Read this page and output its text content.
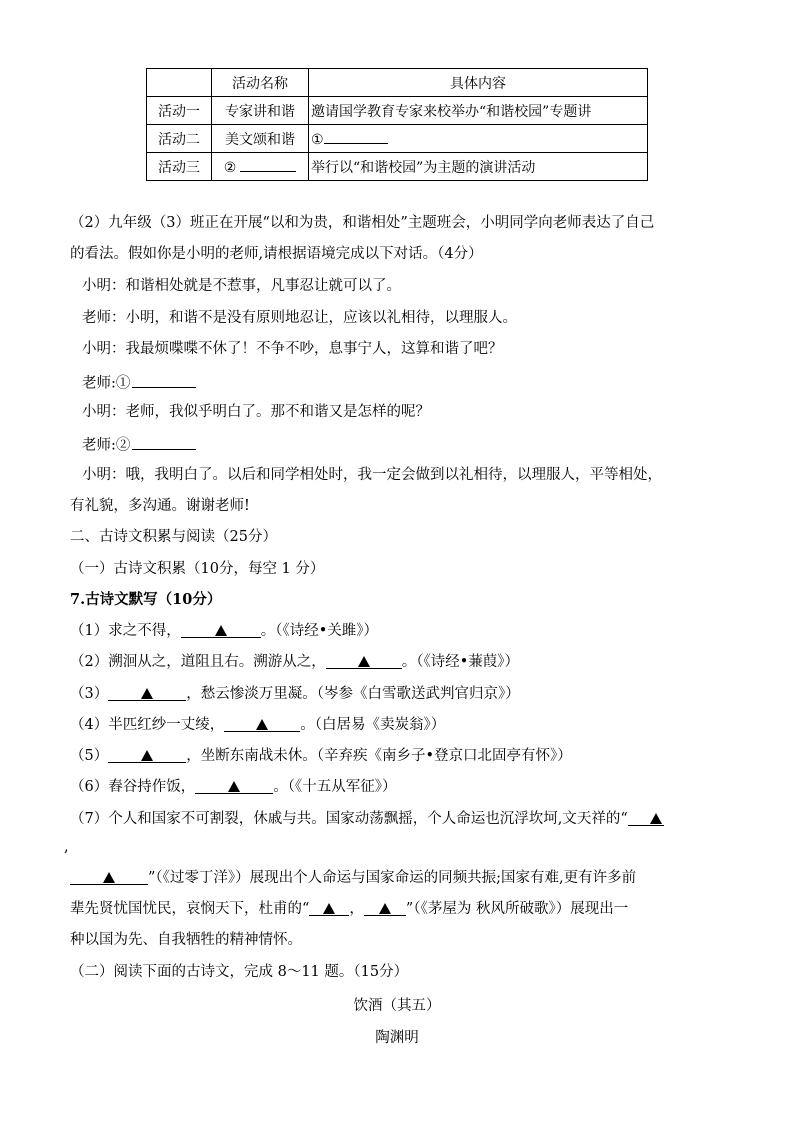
	活动名称	具体内容
活动一	专家讲和谐	邀请国学教育专家来校举办“和谐校园”专题讲
活动二	美文颂和谐	①
活动三	②	举行以“和谐校园”为主题的演讲活动
（2）九年级（3）班正在开展“以和为贵，和谐相处”主题班会，小明同学向老师表达了自己
的看法。假如你是小明的老师,请根据语境完成以下对话。（4分）
小明：和谐相处就是不惹事，凡事忍让就可以了。
老师：小明，和谐不是没有原则地忍让，应该以礼相待，以理服人。
小明：我最烦喋喋不休了！不争不吵，息事宁人，这算和谐了吧？
老师:①
小明：老师，我似乎明白了。那不和谐又是怎样的呢？
老师:②
小明：哦，我明白了。以后和同学相处时，我一定会做到以礼相待，以理服人，平等相处，
有礼貌，多沟通。谢谢老师!
二、古诗文积累与阅读（25分）
（一）古诗文积累（10分，每空 1 分）
7.古诗文默写（10分）
（1）求之不得，	。（《诗经•关雎》）
（2）溯洄从之，道阻且右。溯游从之，	。（《诗经•蒹葭》）
（3）	，愁云惨淡万里凝。（岑参《白雪歌送武判官归京》）
（4）半匹红纱一丈绫，	。（白居易《卖炭翁》）
（5）	，坐断东南战未休。（辛弃疾《南乡子•登京口北固亭有怀》）
（6）舂谷持作饭，	。（《十五从军征》）
（7）个人和国家不可割裂，休戚与共。国家动荡飘摇，个人命运也沉浮坎坷,文天祥的“
,
”（《过零丁洋》）展现出个人命运与国家命运的同频共振;国家有难,更有许多前
辈先贤忧国忧民，哀悯天下，杜甫的“	，	”（《茅屋为 秋风所破歌》）展现出一
种以国为先、自我牺牲的精神情怀。
（二）阅读下面的古诗文，完成 8～11 题。（15分）
饮酒（其五）
陶渊明
